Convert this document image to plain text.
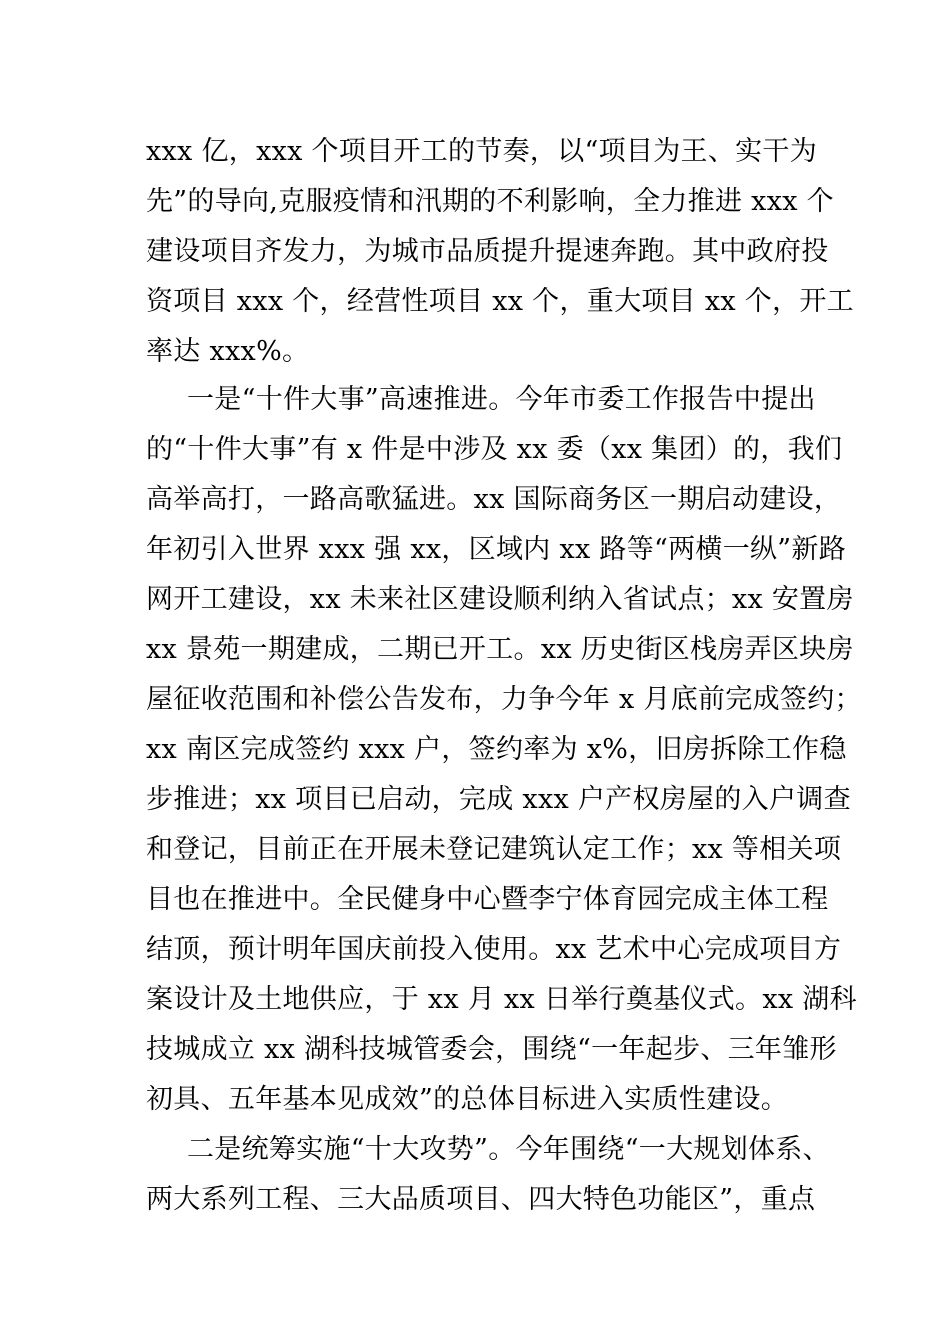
xxx 亿，xxx 个项目开工的节奏，以“项目为王、实干为
先”的导向,克服疫情和汛期的不利影响，全力推进 xxx 个
建设项目齐发力，为城市品质提升提速奔跑。其中政府投
资项目 xxx 个，经营性项目 xx 个，重大项目 xx 个，开工
率达 xxx%。
一是“十件大事”高速推进。今年市委工作报告中提出
的“十件大事”有 x 件是中涉及 xx 委（xx 集团）的，我们
高举高打，一路高歌猛进。xx 国际商务区一期启动建设，
年初引入世界 xxx 强 xx，区域内 xx 路等“两横一纵”新路
网开工建设，xx 未来社区建设顺利纳入省试点；xx 安置房
xx 景苑一期建成，二期已开工。xx 历史街区栈房弄区块房
屋征收范围和补偿公告发布，力争今年 x 月底前完成签约；
xx 南区完成签约 xxx 户，签约率为 x%，旧房拆除工作稳
步推进；xx 项目已启动，完成 xxx 户产权房屋的入户调查
和登记，目前正在开展未登记建筑认定工作；xx 等相关项
目也在推进中。全民健身中心暨李宁体育园完成主体工程
结顶，预计明年国庆前投入使用。xx 艺术中心完成项目方
案设计及土地供应，于 xx 月 xx 日举行奠基仪式。xx 湖科
技城成立 xx 湖科技城管委会，围绕“一年起步、三年雏形
初具、五年基本见成效”的总体目标进入实质性建设。
二是统筹实施“十大攻势”。今年围绕“一大规划体系、
两大系列工程、三大品质项目、四大特色功能区”，重点
